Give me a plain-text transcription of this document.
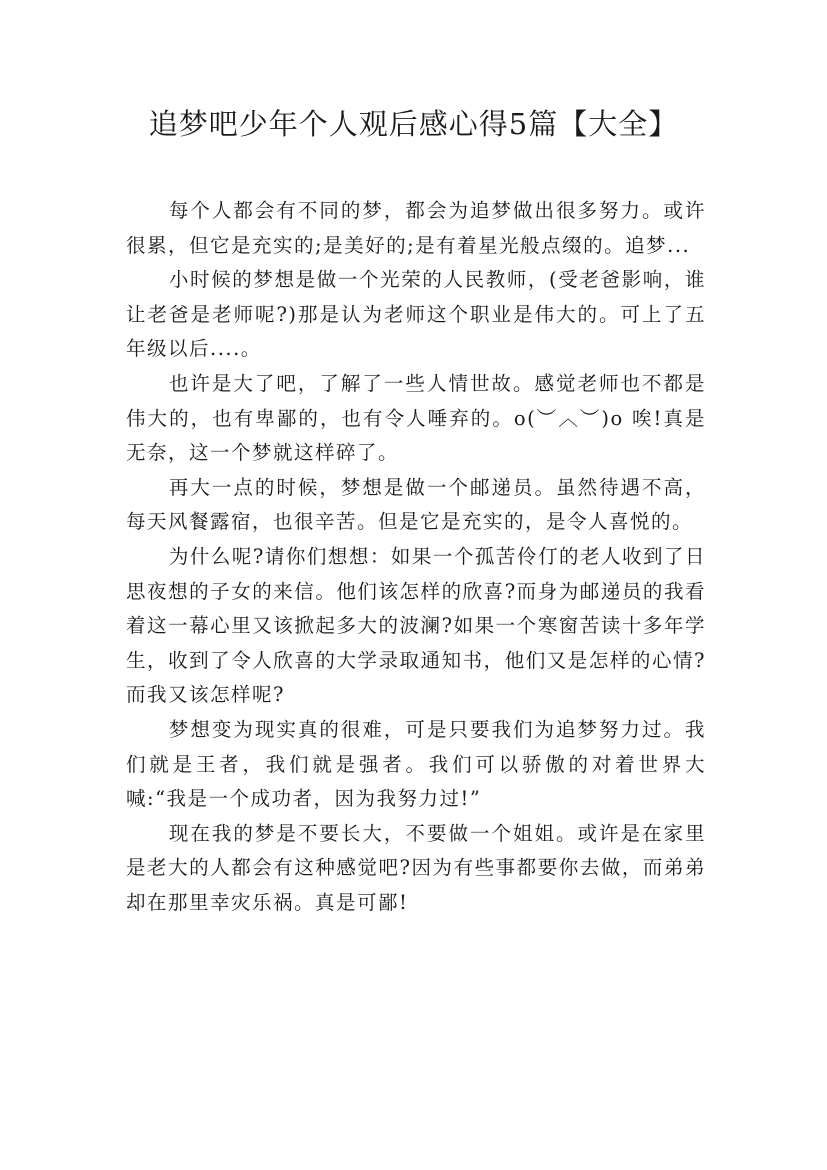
追梦吧少年个人观后感心得5篇【大全】

每个人都会有不同的梦，都会为追梦做出很多努力。或许很累，但它是充实的;是美好的;是有着星光般点缀的。追梦...

小时候的梦想是做一个光荣的人民教师，(受老爸影响，谁让老爸是老师呢?)那是认为老师这个职业是伟大的。可上了五年级以后....。

也许是大了吧，了解了一些人情世故。感觉老师也不都是伟大的，也有卑鄙的，也有令人唾弃的。o(︶︿︶)o 唉!真是无奈，这一个梦就这样碎了。

再大一点的时候，梦想是做一个邮递员。虽然待遇不高，每天风餐露宿，也很辛苦。但是它是充实的，是令人喜悦的。

为什么呢?请你们想想：如果一个孤苦伶仃的老人收到了日思夜想的子女的来信。他们该怎样的欣喜?而身为邮递员的我看着这一幕心里又该掀起多大的波澜?如果一个寒窗苦读十多年学生，收到了令人欣喜的大学录取通知书，他们又是怎样的心情?而我又该怎样呢?

梦想变为现实真的很难，可是只要我们为追梦努力过。我们就是王者，我们就是强者。我们可以骄傲的对着世界大喊:“我是一个成功者，因为我努力过!”

现在我的梦是不要长大，不要做一个姐姐。或许是在家里是老大的人都会有这种感觉吧?因为有些事都要你去做，而弟弟却在那里幸灾乐祸。真是可鄙!
